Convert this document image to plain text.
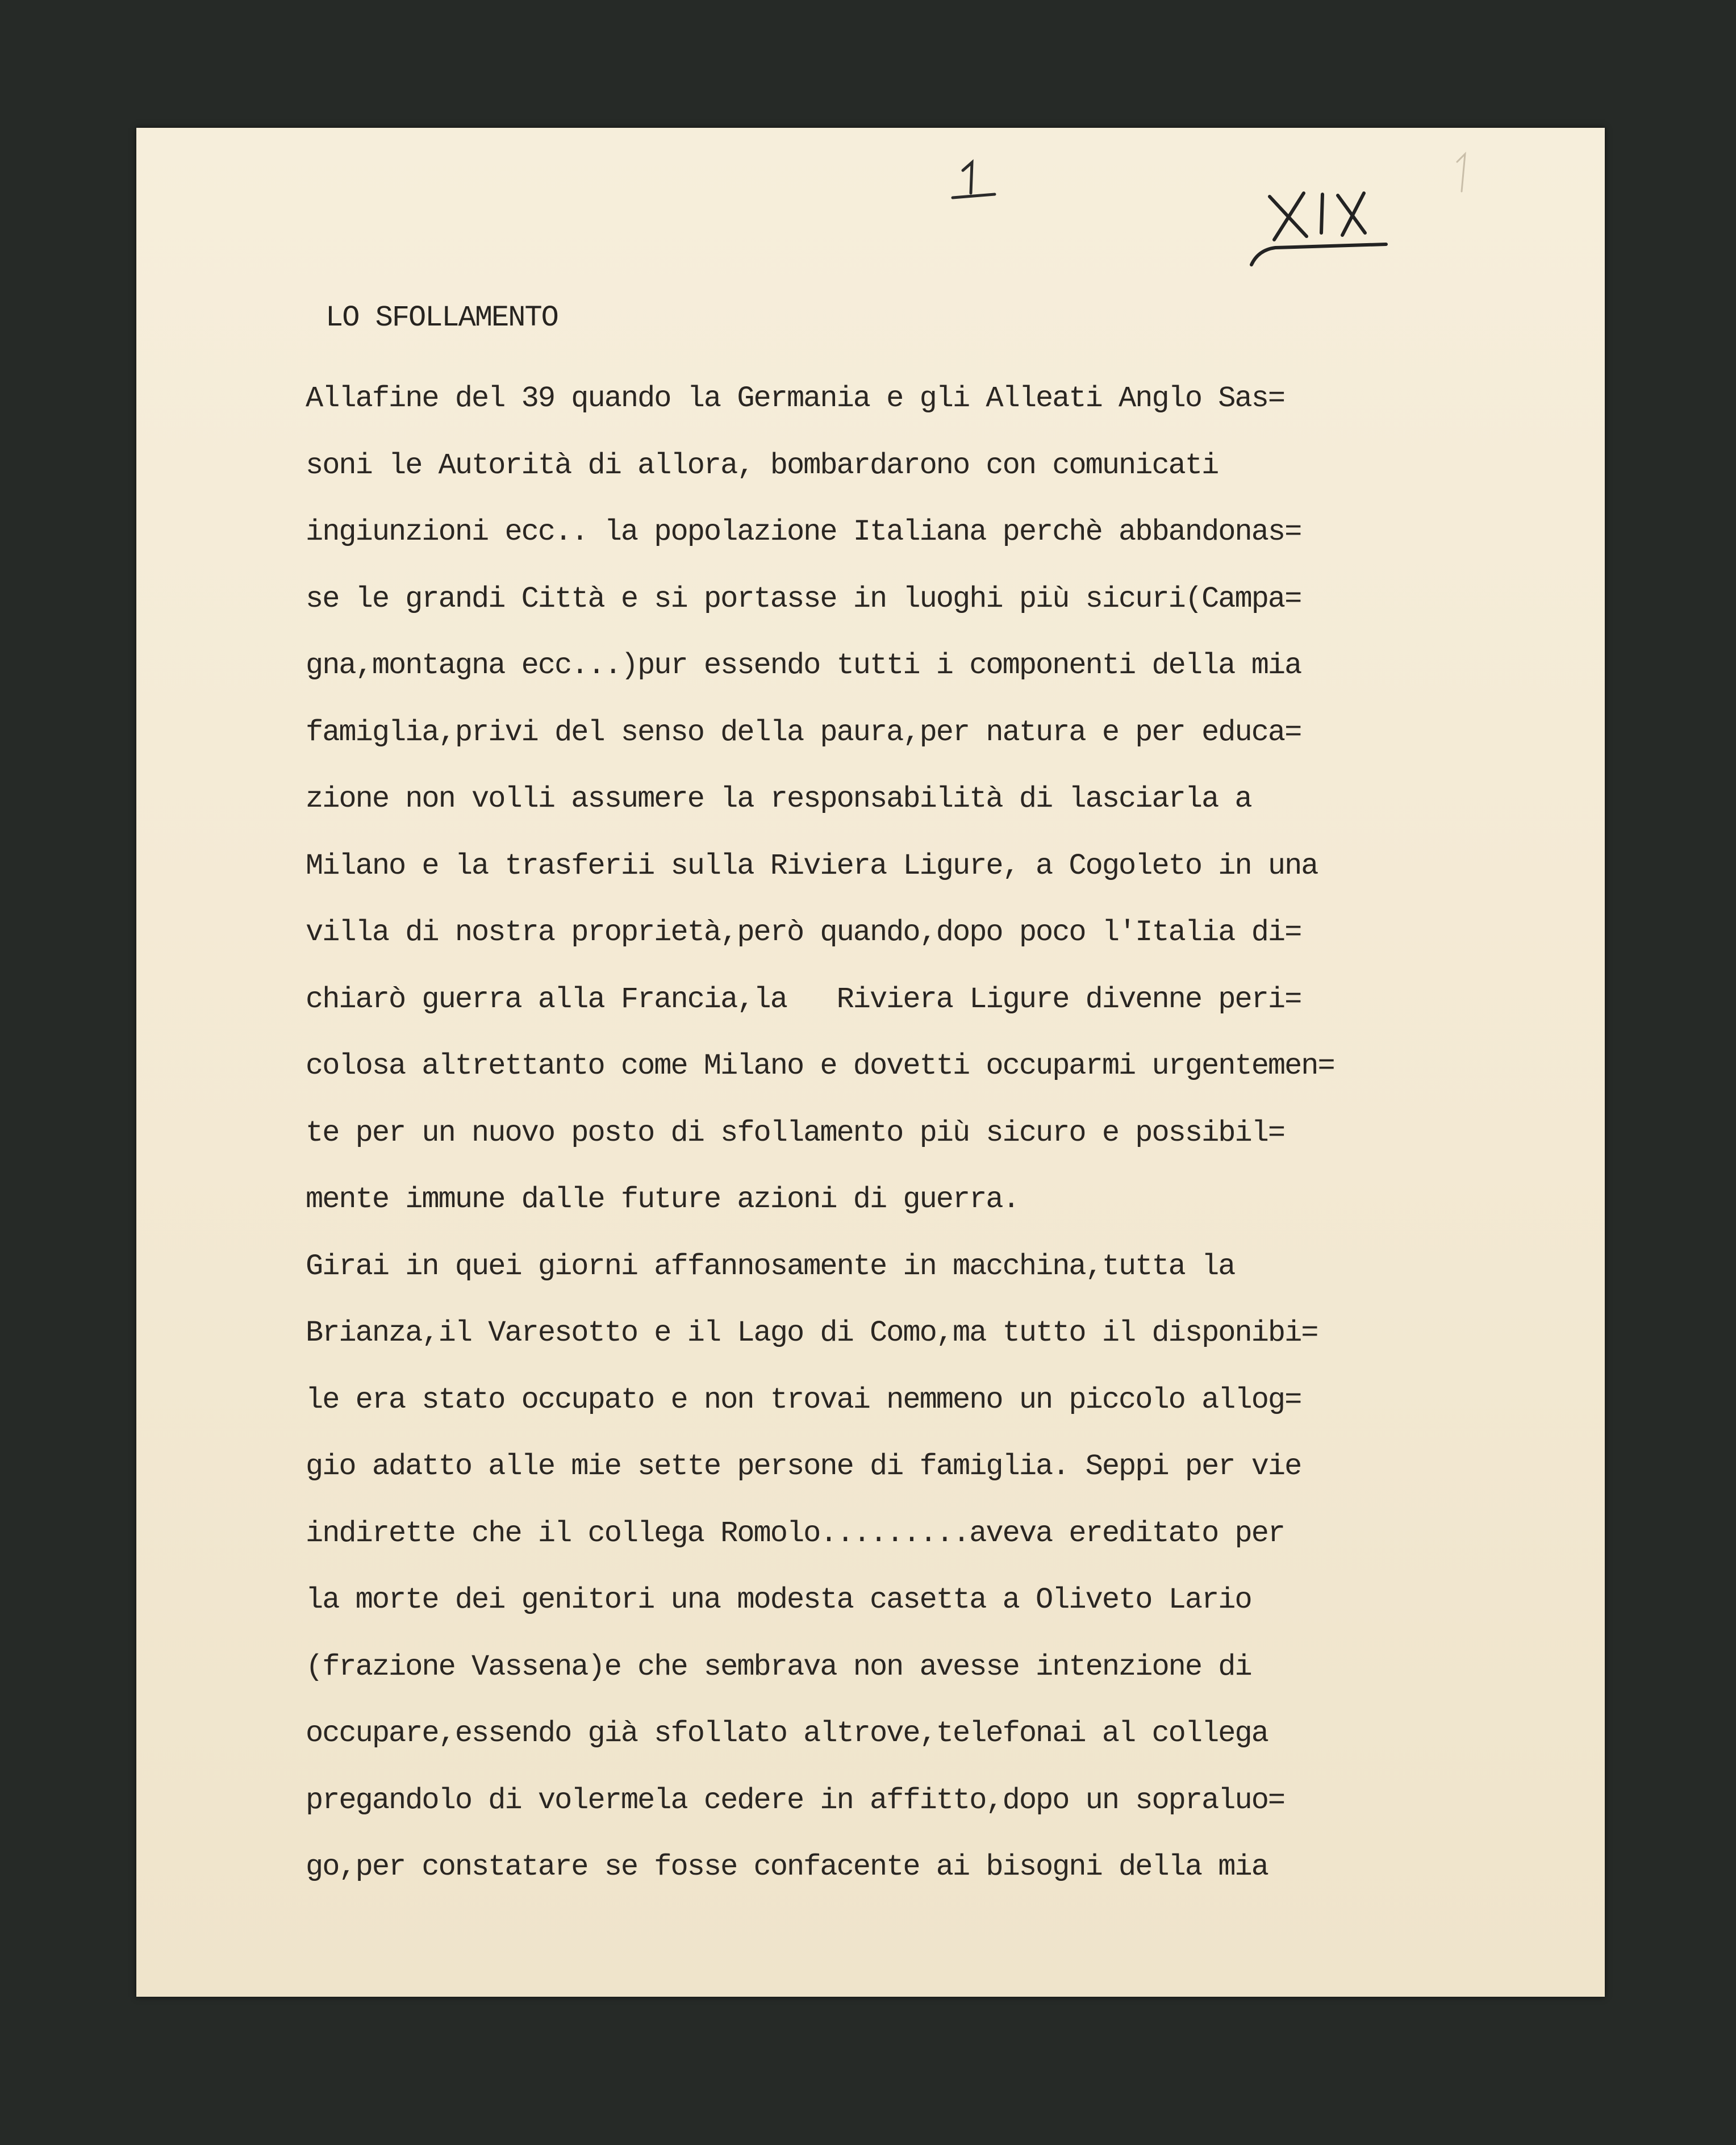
LO SFOLLAMENTO
Allafine del 39 quando la Germania e gli Alleati Anglo Sas=
soni le Autorità di allora, bombardarono con comunicati
ingiunzioni ecc.. la popolazione Italiana perchè abbandonas=
se le grandi Città e si portasse in luoghi più sicuri(Campa=
gna,montagna ecc...)pur essendo tutti i componenti della mia
famiglia,privi del senso della paura,per natura e per educa=
zione non volli assumere la responsabilità di lasciarla a
Milano e la trasferii sulla Riviera Ligure, a Cogoleto in una
villa di nostra proprietà,però quando,dopo poco l'Italia di=
chiarò guerra alla Francia,la   Riviera Ligure divenne peri=
colosa altrettanto come Milano e dovetti occuparmi urgentemen=
te per un nuovo posto di sfollamento più sicuro e possibil=
mente immune dalle future azioni di guerra.
Girai in quei giorni affannosamente in macchina,tutta la
Brianza,il Varesotto e il Lago di Como,ma tutto il disponibi=
le era stato occupato e non trovai nemmeno un piccolo allog=
gio adatto alle mie sette persone di famiglia. Seppi per vie
indirette che il collega Romolo.........aveva ereditato per
la morte dei genitori una modesta casetta a Oliveto Lario
(frazione Vassena)e che sembrava non avesse intenzione di
occupare,essendo già sfollato altrove,telefonai al collega
pregandolo di volermela cedere in affitto,dopo un sopraluo=
go,per constatare se fosse confacente ai bisogni della mia
